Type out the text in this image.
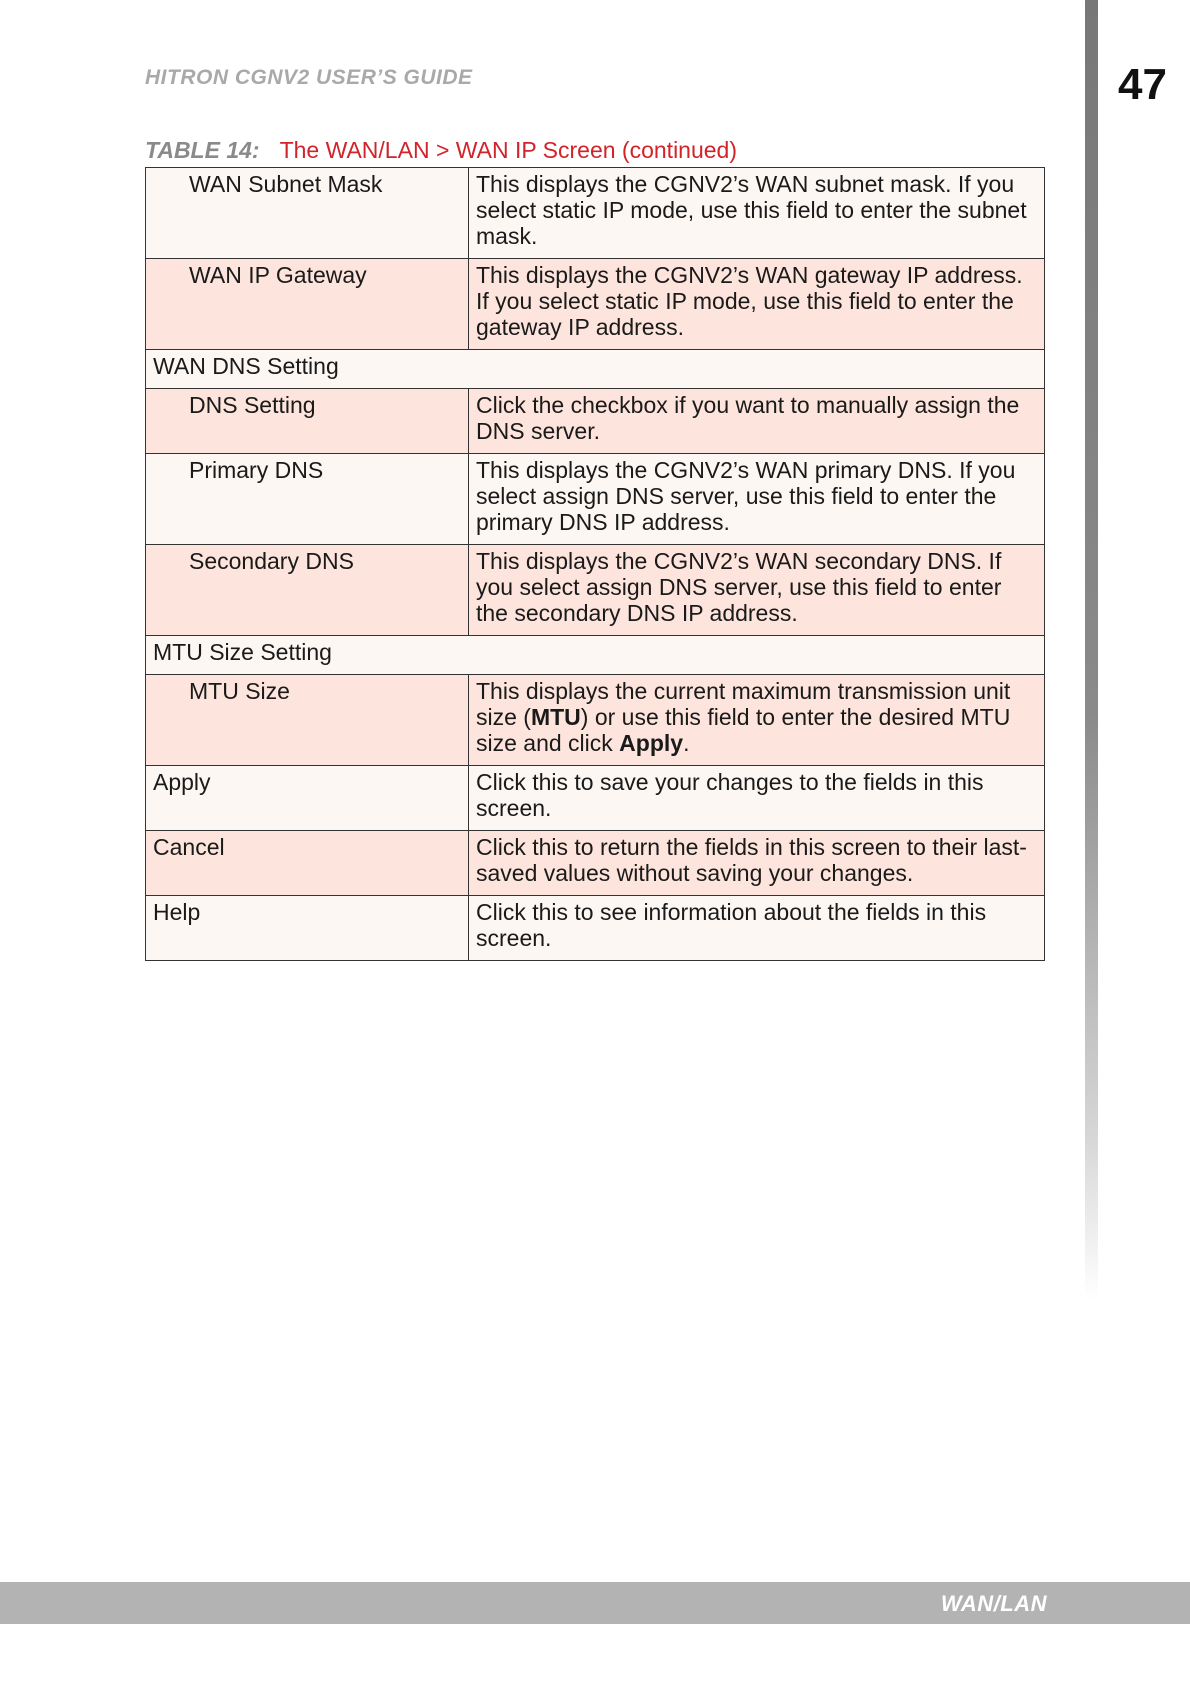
HITRON CGNV2 USER’S GUIDE	47
TABLE 14: The WAN/LAN > WAN IP Screen (continued)
WAN Subnet Mask	This displays the CGNV2’s WAN subnet mask. If you select static IP mode, use this field to enter the subnet mask.
WAN IP Gateway	This displays the CGNV2’s WAN gateway IP address. If you select static IP mode, use this field to enter the gateway IP address.
WAN DNS Setting	
DNS Setting	Click the checkbox if you want to manually assign the DNS server.
Primary DNS	This displays the CGNV2’s WAN primary DNS. If you select assign DNS server, use this field to enter the primary DNS IP address.
Secondary DNS	This displays the CGNV2’s WAN secondary DNS. If you select assign DNS server, use this field to enter the secondary DNS IP address.
MTU Size Setting	
MTU Size	This displays the current maximum transmission unit size (MTU) or use this field to enter the desired MTU size and click Apply.
Apply	Click this to save your changes to the fields in this screen.
Cancel	Click this to return the fields in this screen to their last-saved values without saving your changes.
Help	Click this to see information about the fields in this screen.
WAN/LAN
